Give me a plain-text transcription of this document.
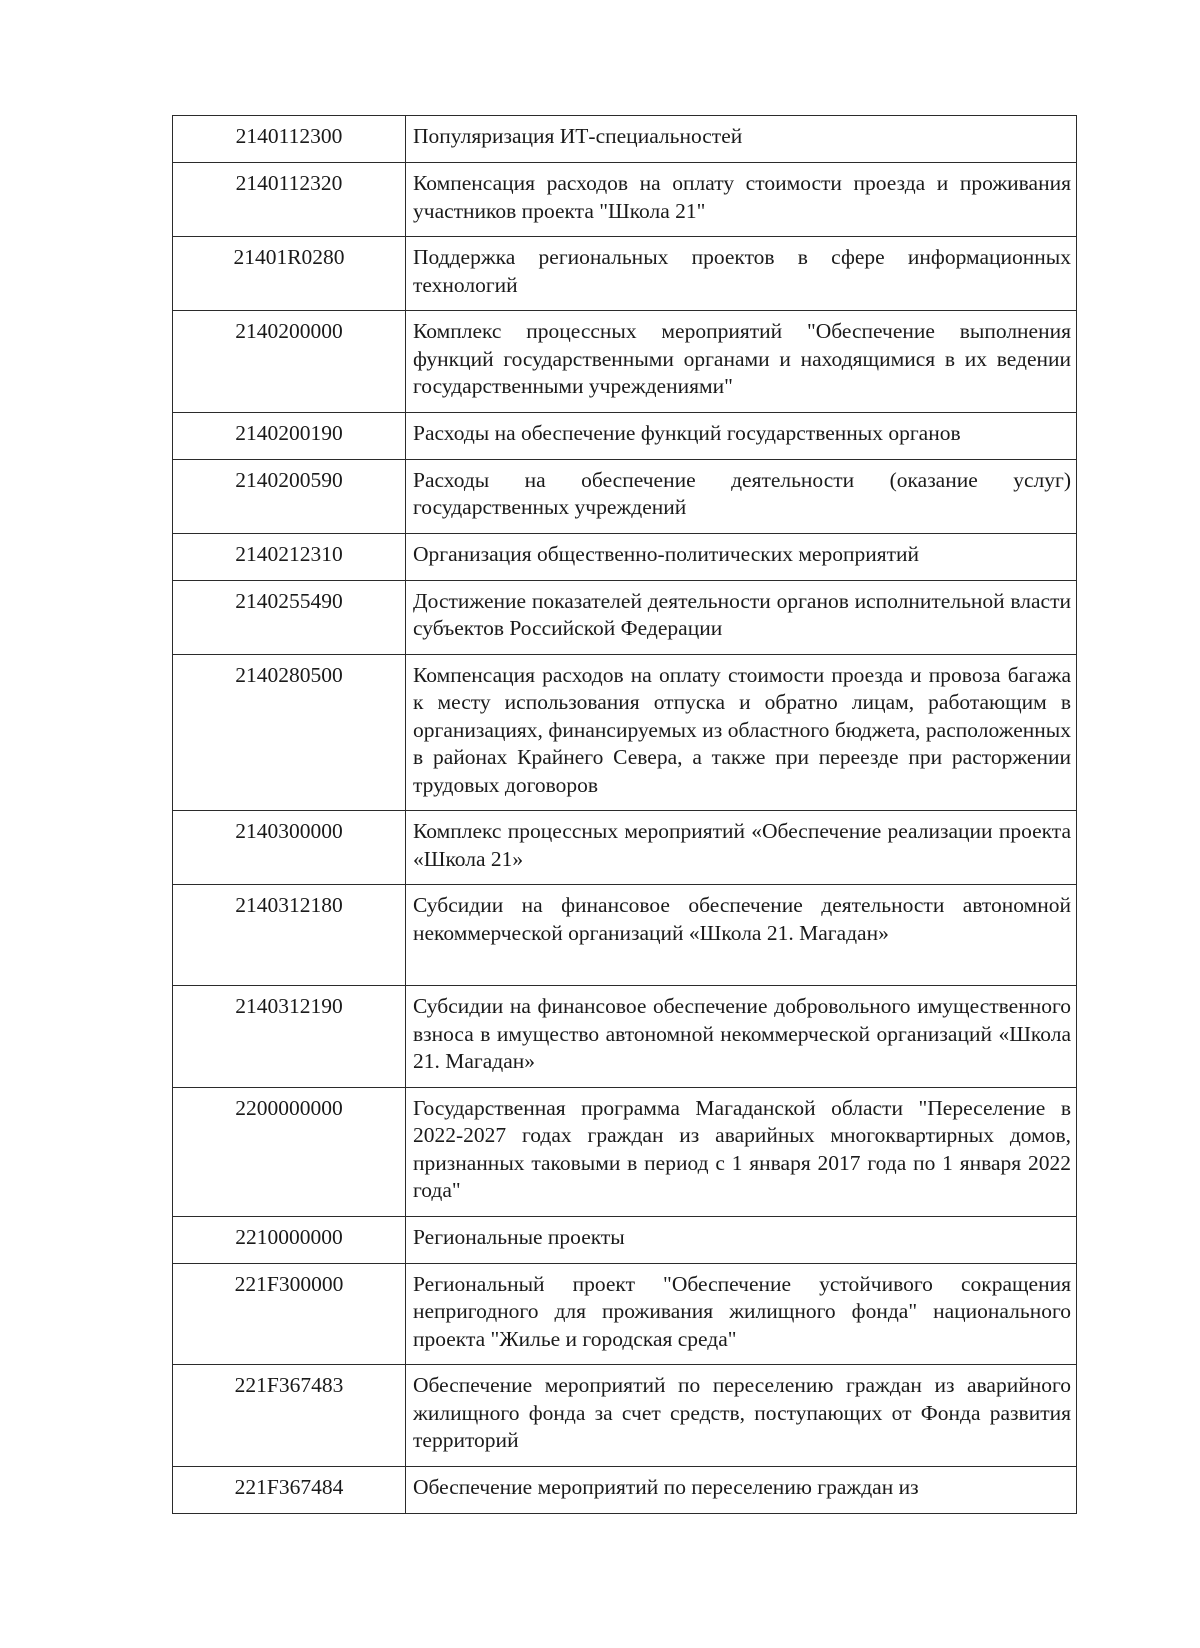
2140112300	Популяризация ИТ-специальностей
2140112320	Компенсация расходов на оплату стоимости проезда и проживания участников проекта "Школа 21"
21401R0280	Поддержка региональных проектов в сфере информационных технологий
2140200000	Комплекс процессных мероприятий "Обеспечение выполнения функций государственными органами и находящимися в их ведении государственными учреждениями"
2140200190	Расходы на обеспечение функций государственных органов
2140200590	Расходы на обеспечение деятельности (оказание услуг) государственных учреждений
2140212310	Организация общественно-политических мероприятий
2140255490	Достижение показателей деятельности органов исполнительной власти субъектов Российской Федерации
2140280500	Компенсация расходов на оплату стоимости проезда и провоза багажа к месту использования отпуска и обратно лицам, работающим в организациях, финансируемых из областного бюджета, расположенных в районах Крайнего Севера, а также при переезде при расторжении трудовых договоров
2140300000	Комплекс процессных мероприятий «Обеспечение реализации проекта «Школа 21»
2140312180	Субсидии на финансовое обеспечение деятельности автономной некоммерческой организаций «Школа 21. Магадан»
2140312190	Субсидии на финансовое обеспечение добровольного имущественного взноса в имущество автономной некоммерческой организаций «Школа 21. Магадан»
2200000000	Государственная программа Магаданской области "Переселение в 2022-2027 годах граждан из аварийных многоквартирных домов, признанных таковыми в период с 1 января 2017 года по 1 января 2022 года"
2210000000	Региональные проекты
221F300000	Региональный проект "Обеспечение устойчивого сокращения непригодного для проживания жилищного фонда" национального проекта "Жилье и городская среда"
221F367483	Обеспечение мероприятий по переселению граждан из аварийного жилищного фонда за счет средств, поступающих от Фонда развития территорий
221F367484	Обеспечение мероприятий по переселению граждан из
